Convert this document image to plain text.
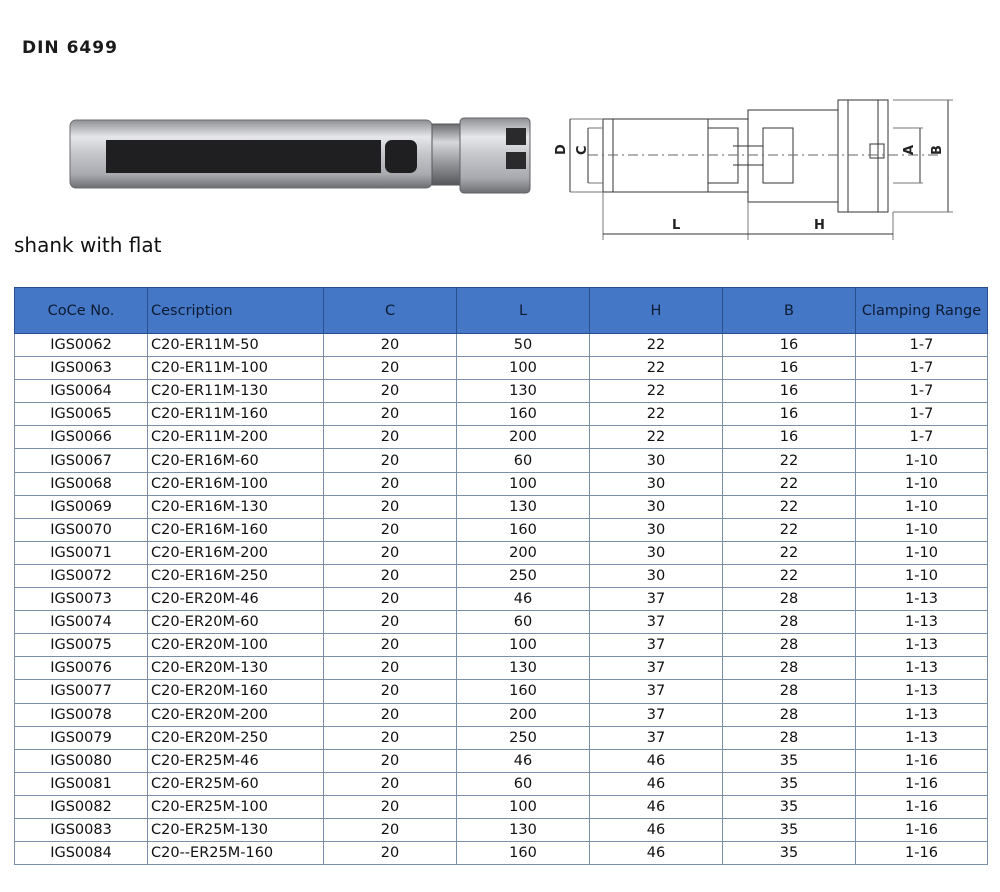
DIN 6499
D C	A B
L	H
shank with flat
CoCe No.	Cescription	C	L	H	B	Clamping Range
IGS0062	C20-ER11M-50	20	50	22	16	1-7
IGS0063	C20-ER11M-100	20	100	22	16	1-7
IGS0064	C20-ER11M-130	20	130	22	16	1-7
IGS0065	C20-ER11M-160	20	160	22	16	1-7
IGS0066	C20-ER11M-200	20	200	22	16	1-7
IGS0067	C20-ER16M-60	20	60	30	22	1-10
IGS0068	C20-ER16M-100	20	100	30	22	1-10
IGS0069	C20-ER16M-130	20	130	30	22	1-10
IGS0070	C20-ER16M-160	20	160	30	22	1-10
IGS0071	C20-ER16M-200	20	200	30	22	1-10
IGS0072	C20-ER16M-250	20	250	30	22	1-10
IGS0073	C20-ER20M-46	20	46	37	28	1-13
IGS0074	C20-ER20M-60	20	60	37	28	1-13
IGS0075	C20-ER20M-100	20	100	37	28	1-13
IGS0076	C20-ER20M-130	20	130	37	28	1-13
IGS0077	C20-ER20M-160	20	160	37	28	1-13
IGS0078	C20-ER20M-200	20	200	37	28	1-13
IGS0079	C20-ER20M-250	20	250	37	28	1-13
IGS0080	C20-ER25M-46	20	46	46	35	1-16
IGS0081	C20-ER25M-60	20	60	46	35	1-16
IGS0082	C20-ER25M-100	20	100	46	35	1-16
IGS0083	C20-ER25M-130	20	130	46	35	1-16
IGS0084	C20--ER25M-160	20	160	46	35	1-16
